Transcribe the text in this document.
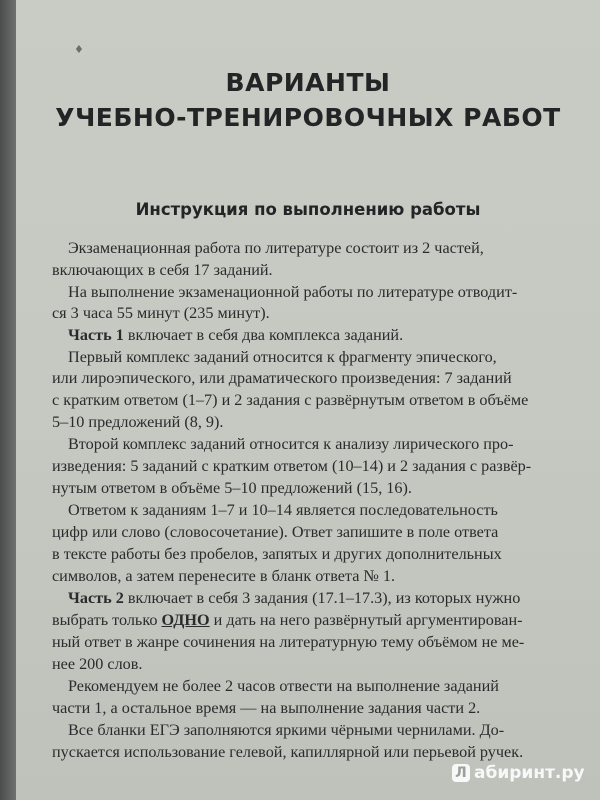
♦
ВАРИАНТЫ
УЧЕБНО-ТРЕНИРОВОЧНЫХ РАБОТ
Инструкция по выполнению работы
Экзаменационная работа по литературе состоит из 2 частей,
включающих в себя 17 заданий.
На выполнение экзаменационной работы по литературе отводит-
ся 3 часа 55 минут (235 минут).
Часть 1 включает в себя два комплекса заданий.
Первый комплекс заданий относится к фрагменту эпического,
или лироэпического, или драматического произведения: 7 заданий
с кратким ответом (1–7) и 2 задания с развёрнутым ответом в объёме
5–10 предложений (8, 9).
Второй комплекс заданий относится к анализу лирического про-
изведения: 5 заданий с кратким ответом (10–14) и 2 задания с развёр-
нутым ответом в объёме 5–10 предложений (15, 16).
Ответом к заданиям 1–7 и 10–14 является последовательность
цифр или слово (словосочетание). Ответ запишите в поле ответа
в тексте работы без пробелов, запятых и других дополнительных
символов, а затем перенесите в бланк ответа № 1.
Часть 2 включает в себя 3 задания (17.1–17.3), из которых нужно
выбрать только ОДНО и дать на него развёрнутый аргументирован-
ный ответ в жанре сочинения на литературную тему объёмом не ме-
нее 200 слов.
Рекомендуем не более 2 часов отвести на выполнение заданий
части 1, а остальное время — на выполнение задания части 2.
Все бланки ЕГЭ заполняются яркими чёрными чернилами. До-
пускается использование гелевой, капиллярной или перьевой ручек.
Л абиринт.ру
